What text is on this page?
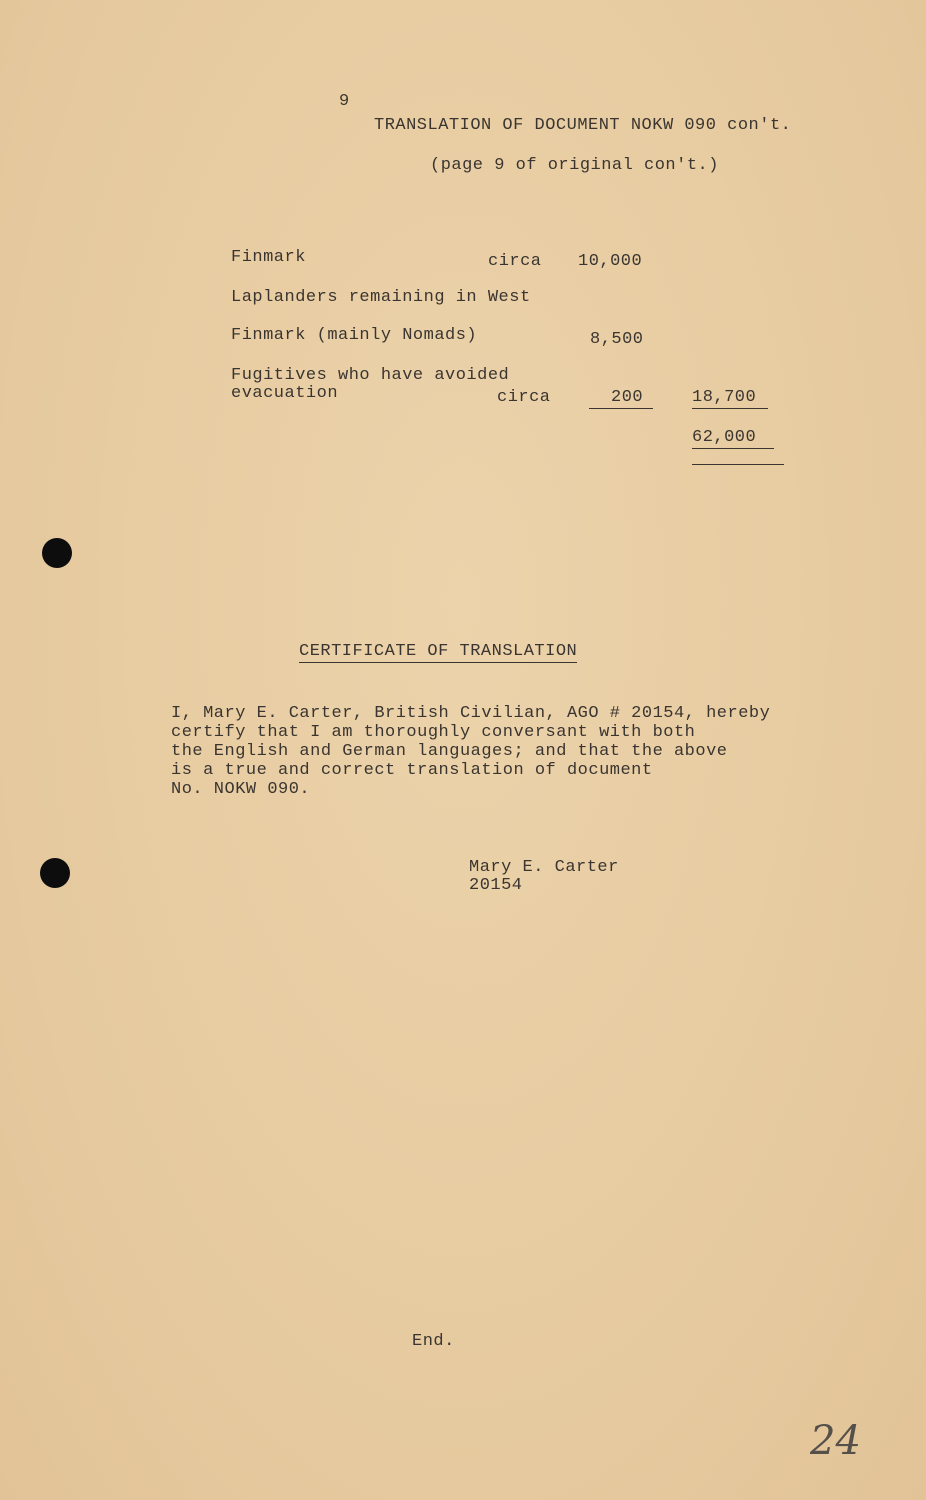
9
TRANSLATION OF DOCUMENT NOKW 090 con't.
(page 9 of original con't.)
Finmark	circa 10,000
Laplanders remaining in West
Finmark (mainly Nomads)	8,500
Fugitives who have avoided
evacuation	circa	200	18,700
62,000
CERTIFICATE OF TRANSLATION
I, Mary E. Carter, British Civilian, AGO # 20154, hereby
certify that I am thoroughly conversant with both
the English and German languages; and that the above
is a true and correct translation of document
No. NOKW 090.
Mary E. Carter
20154
End.
24
